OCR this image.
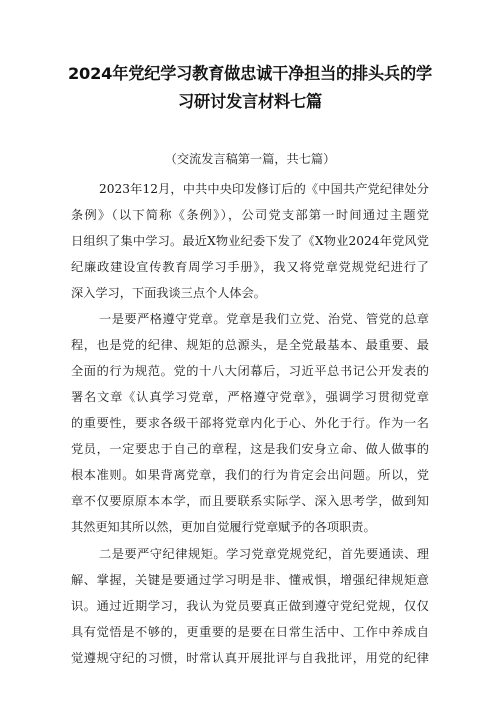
2024年党纪学习教育做忠诚干净担当的排头兵的学
习研讨发言材料七篇
（交流发言稿第一篇，共七篇）
2023年12月，中共中央印发修订后的《中国共产党纪律处分
条例》（以下简称《条例》），公司党支部第一时间通过主题党
日组织了集中学习。最近X物业纪委下发了《X物业2024年党风党
纪廉政建设宣传教育周学习手册》，我又将党章党规党纪进行了
深入学习，下面我谈三点个人体会。
一是要严格遵守党章。党章是我们立党、治党、管党的总章
程，也是党的纪律、规矩的总源头，是全党最基本、最重要、最
全面的行为规范。党的十八大闭幕后，习近平总书记公开发表的
署名文章《认真学习党章，严格遵守党章》，强调学习贯彻党章
的重要性，要求各级干部将党章内化于心、外化于行。作为一名
党员，一定要忠于自己的章程，这是我们安身立命、做人做事的
根本准则。如果背离党章，我们的行为肯定会出问题。所以，党
章不仅要原原本本学，而且要联系实际学、深入思考学，做到知
其然更知其所以然，更加自觉履行党章赋予的各项职责。
二是要严守纪律规矩。学习党章党规党纪，首先要通读、理
解、掌握，关键是要通过学习明是非、懂戒惧，增强纪律规矩意
识。通过近期学习，我认为党员要真正做到遵守党纪党规，仅仅
具有觉悟是不够的，更重要的是要在日常生活中、工作中养成自
觉遵规守纪的习惯，时常认真开展批评与自我批评，用党的纪律
